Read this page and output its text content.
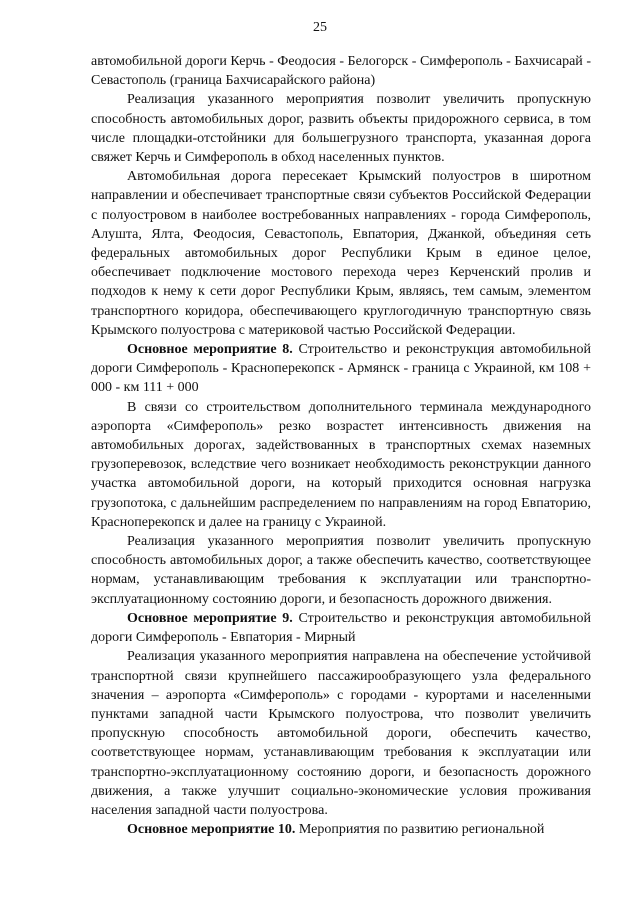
25

автомобильной дороги Керчь - Феодосия - Белогорск - Симферополь - Бахчисарай - Севастополь (граница Бахчисарайского района)

Реализация указанного мероприятия позволит увеличить пропускную способность автомобильных дорог, развить объекты придорожного сервиса, в том числе площадки-отстойники для большегрузного транспорта, указанная дорога свяжет Керчь и Симферополь в обход населенных пунктов.

Автомобильная дорога пересекает Крымский полуостров в широтном направлении и обеспечивает транспортные связи субъектов Российской Федерации с полуостровом в наиболее востребованных направлениях - города Симферополь, Алушта, Ялта, Феодосия, Севастополь, Евпатория, Джанкой, объединяя сеть федеральных автомобильных дорог Республики Крым в единое целое, обеспечивает подключение мостового перехода через Керченский пролив и подходов к нему к сети дорог Республики Крым, являясь, тем самым, элементом транспортного коридора, обеспечивающего круглогодичную транспортную связь Крымского полуострова с материковой частью Российской Федерации.

Основное мероприятие 8. Строительство и реконструкция автомобильной дороги Симферополь - Красноперекопск - Армянск - граница с Украиной, км 108 + 000 - км 111 + 000

В связи со строительством дополнительного терминала международного аэропорта «Симферополь» резко возрастет интенсивность движения на автомобильных дорогах, задействованных в транспортных схемах наземных грузоперевозок, вследствие чего возникает необходимость реконструкции данного участка автомобильной дороги, на который приходится основная нагрузка грузопотока, с дальнейшим распределением по направлениям на город Евпаторию, Красноперекопск и далее на границу с Украиной.

Реализация указанного мероприятия позволит увеличить пропускную способность автомобильных дорог, а также обеспечить качество, соответствующее нормам, устанавливающим требования к эксплуатации или транспортно-эксплуатационному состоянию дороги, и безопасность дорожного движения.

Основное мероприятие 9. Строительство и реконструкция автомобильной дороги Симферополь - Евпатория - Мирный

Реализация указанного мероприятия направлена на обеспечение устойчивой транспортной связи крупнейшего пассажирообразующего узла федерального значения – аэропорта «Симферополь» с городами - курортами и населенными пунктами западной части Крымского полуострова, что позволит увеличить пропускную способность автомобильной дороги, обеспечить качество, соответствующее нормам, устанавливающим требования к эксплуатации или транспортно-эксплуатационному состоянию дороги, и безопасность дорожного движения, а также улучшит социально-экономические условия проживания населения западной части полуострова.

Основное мероприятие 10. Мероприятия по развитию региональной
